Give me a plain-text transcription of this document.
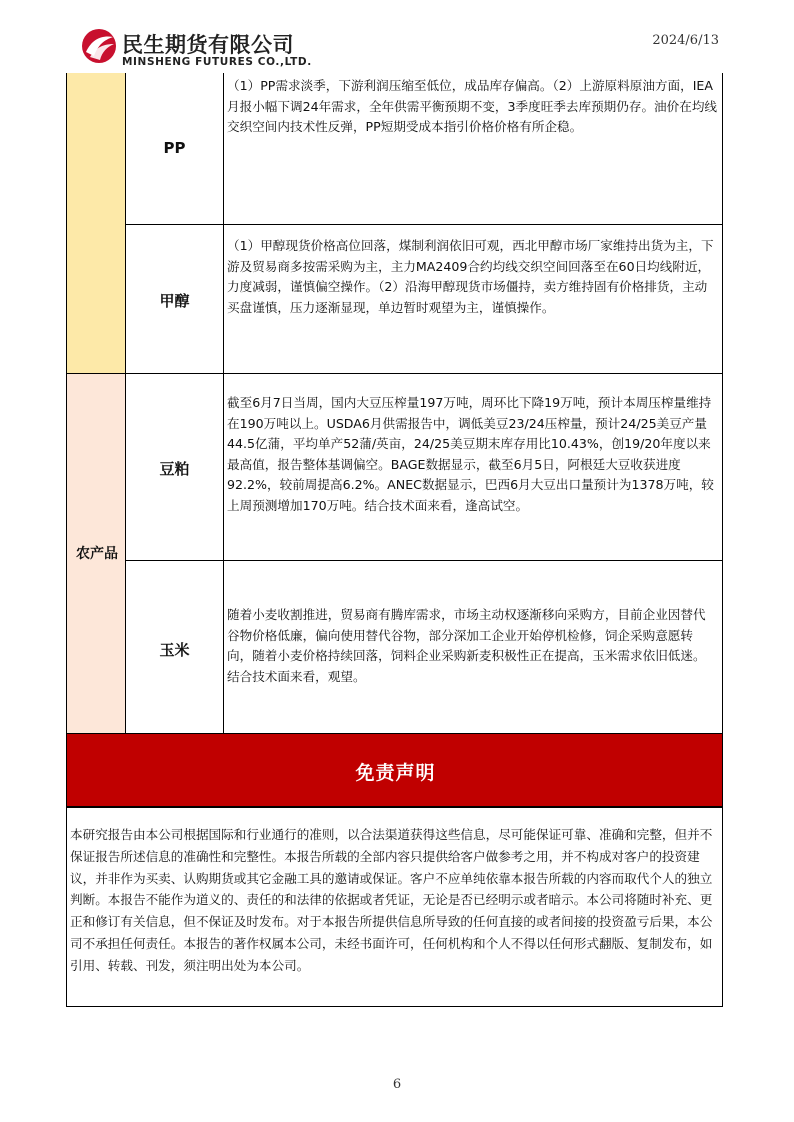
民生期货有限公司
MINSHENG FUTURES CO.,LTD.
2024/6/13
农产品
PP
甲醇
豆粕
玉米
（1）PP需求淡季，下游利润压缩至低位，成品库存偏高。（2）上游原料原油方面，IEA月报小幅下调24年需求，全年供需平衡预期不变，3季度旺季去库预期仍存。油价在均线交织空间内技术性反弹，PP短期受成本指引价格价格有所企稳。
（1）甲醇现货价格高位回落，煤制利润依旧可观，西北甲醇市场厂家维持出货为主，下游及贸易商多按需采购为主，主力MA2409合约均线交织空间回落至在60日均线附近，力度减弱，谨慎偏空操作。（2）沿海甲醇现货市场僵持，卖方维持固有价格排货，主动买盘谨慎，压力逐渐显现，单边暂时观望为主，谨慎操作。
截至6月7日当周，国内大豆压榨量197万吨，周环比下降19万吨，预计本周压榨量维持在190万吨以上。USDA6月供需报告中，调低美豆23/24压榨量，预计24/25美豆产量44.5亿蒲，平均单产52蒲/英亩，24/25美豆期末库存用比10.43%，创19/20年度以来最高值，报告整体基调偏空。BAGE数据显示，截至6月5日，阿根廷大豆收获进度92.2%，较前周提高6.2%。ANEC数据显示，巴西6月大豆出口量预计为1378万吨，较上周预测增加170万吨。结合技术面来看，逢高试空。
随着小麦收割推进，贸易商有腾库需求，市场主动权逐渐移向采购方，目前企业因替代谷物价格低廉，偏向使用替代谷物，部分深加工企业开始停机检修，饲企采购意愿转向，随着小麦价格持续回落，饲料企业采购新麦积极性正在提高，玉米需求依旧低迷。结合技术面来看，观望。
免责声明
本研究报告由本公司根据国际和行业通行的准则，以合法渠道获得这些信息，尽可能保证可靠、准确和完整，但并不保证报告所述信息的准确性和完整性。本报告所载的全部内容只提供给客户做参考之用，并不构成对客户的投资建议，并非作为买卖、认购期货或其它金融工具的邀请或保证。客户不应单纯依靠本报告所载的内容而取代个人的独立判断。本报告不能作为道义的、责任的和法律的依据或者凭证，无论是否已经明示或者暗示。本公司将随时补充、更正和修订有关信息，但不保证及时发布。对于本报告所提供信息所导致的任何直接的或者间接的投资盈亏后果，本公司不承担任何责任。本报告的著作权属本公司，未经书面许可，任何机构和个人不得以任何形式翻版、复制发布，如引用、转载、刊发，须注明出处为本公司。
6
